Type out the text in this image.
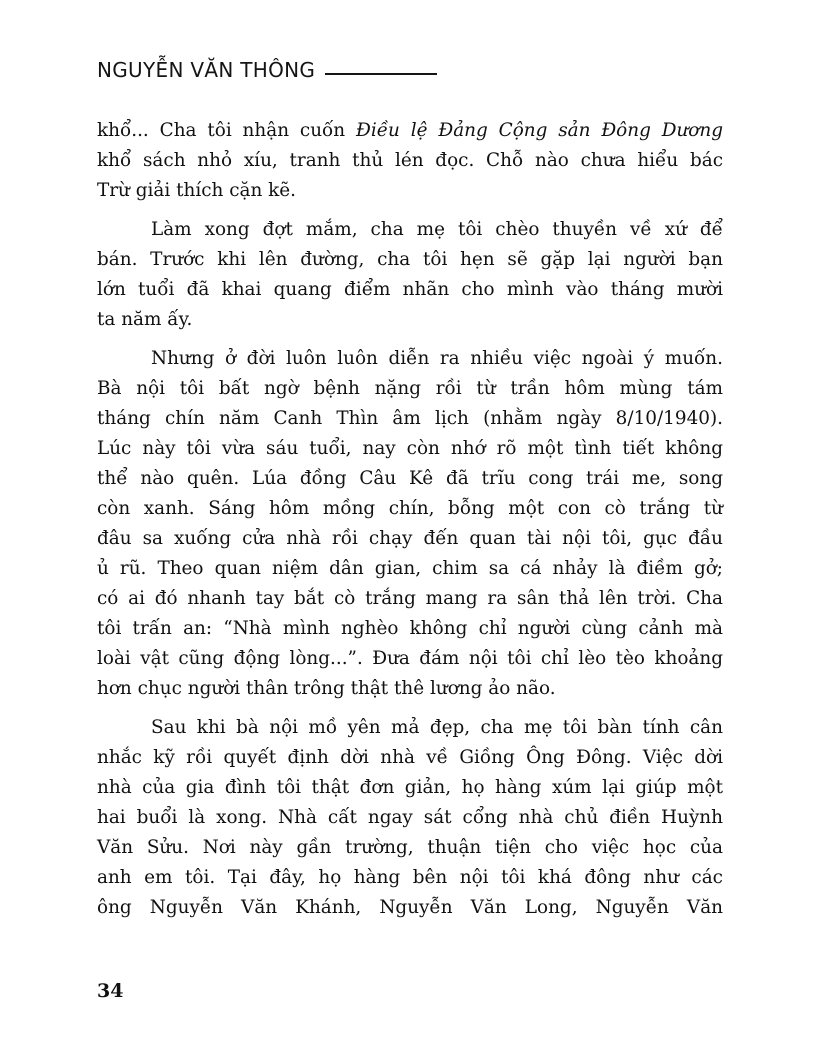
NGUYỄN VĂN THÔNG
khổ... Cha tôi nhận cuốn Điều lệ Đảng Cộng sản Đông Dương
khổ sách nhỏ xíu, tranh thủ lén đọc. Chỗ nào chưa hiểu bác
Trừ giải thích cặn kẽ.
Làm xong đợt mắm, cha mẹ tôi chèo thuyền về xứ để
bán. Trước khi lên đường, cha tôi hẹn sẽ gặp lại người bạn
lớn tuổi đã khai quang điểm nhãn cho mình vào tháng mười
ta năm ấy.
Nhưng ở đời luôn luôn diễn ra nhiều việc ngoài ý muốn.
Bà nội tôi bất ngờ bệnh nặng rồi từ trần hôm mùng tám
tháng chín năm Canh Thìn âm lịch (nhằm ngày 8/10/1940).
Lúc này tôi vừa sáu tuổi, nay còn nhớ rõ một tình tiết không
thể nào quên. Lúa đồng Câu Kê đã trĩu cong trái me, song
còn xanh. Sáng hôm mồng chín, bỗng một con cò trắng từ
đâu sa xuống cửa nhà rồi chạy đến quan tài nội tôi, gục đầu
ủ rũ. Theo quan niệm dân gian, chim sa cá nhảy là điềm gở;
có ai đó nhanh tay bắt cò trắng mang ra sân thả lên trời. Cha
tôi trấn an: “Nhà mình nghèo không chỉ người cùng cảnh mà
loài vật cũng động lòng...”. Đưa đám nội tôi chỉ lèo tèo khoảng
hơn chục người thân trông thật thê lương ảo não.
Sau khi bà nội mồ yên mả đẹp, cha mẹ tôi bàn tính cân
nhắc kỹ rồi quyết định dời nhà về Giồng Ông Đông. Việc dời
nhà của gia đình tôi thật đơn giản, họ hàng xúm lại giúp một
hai buổi là xong. Nhà cất ngay sát cổng nhà chủ điền Huỳnh
Văn Sửu. Nơi này gần trường, thuận tiện cho việc học của
anh em tôi. Tại đây, họ hàng bên nội tôi khá đông như các
ông Nguyễn Văn Khánh, Nguyễn Văn Long, Nguyễn Văn
34
